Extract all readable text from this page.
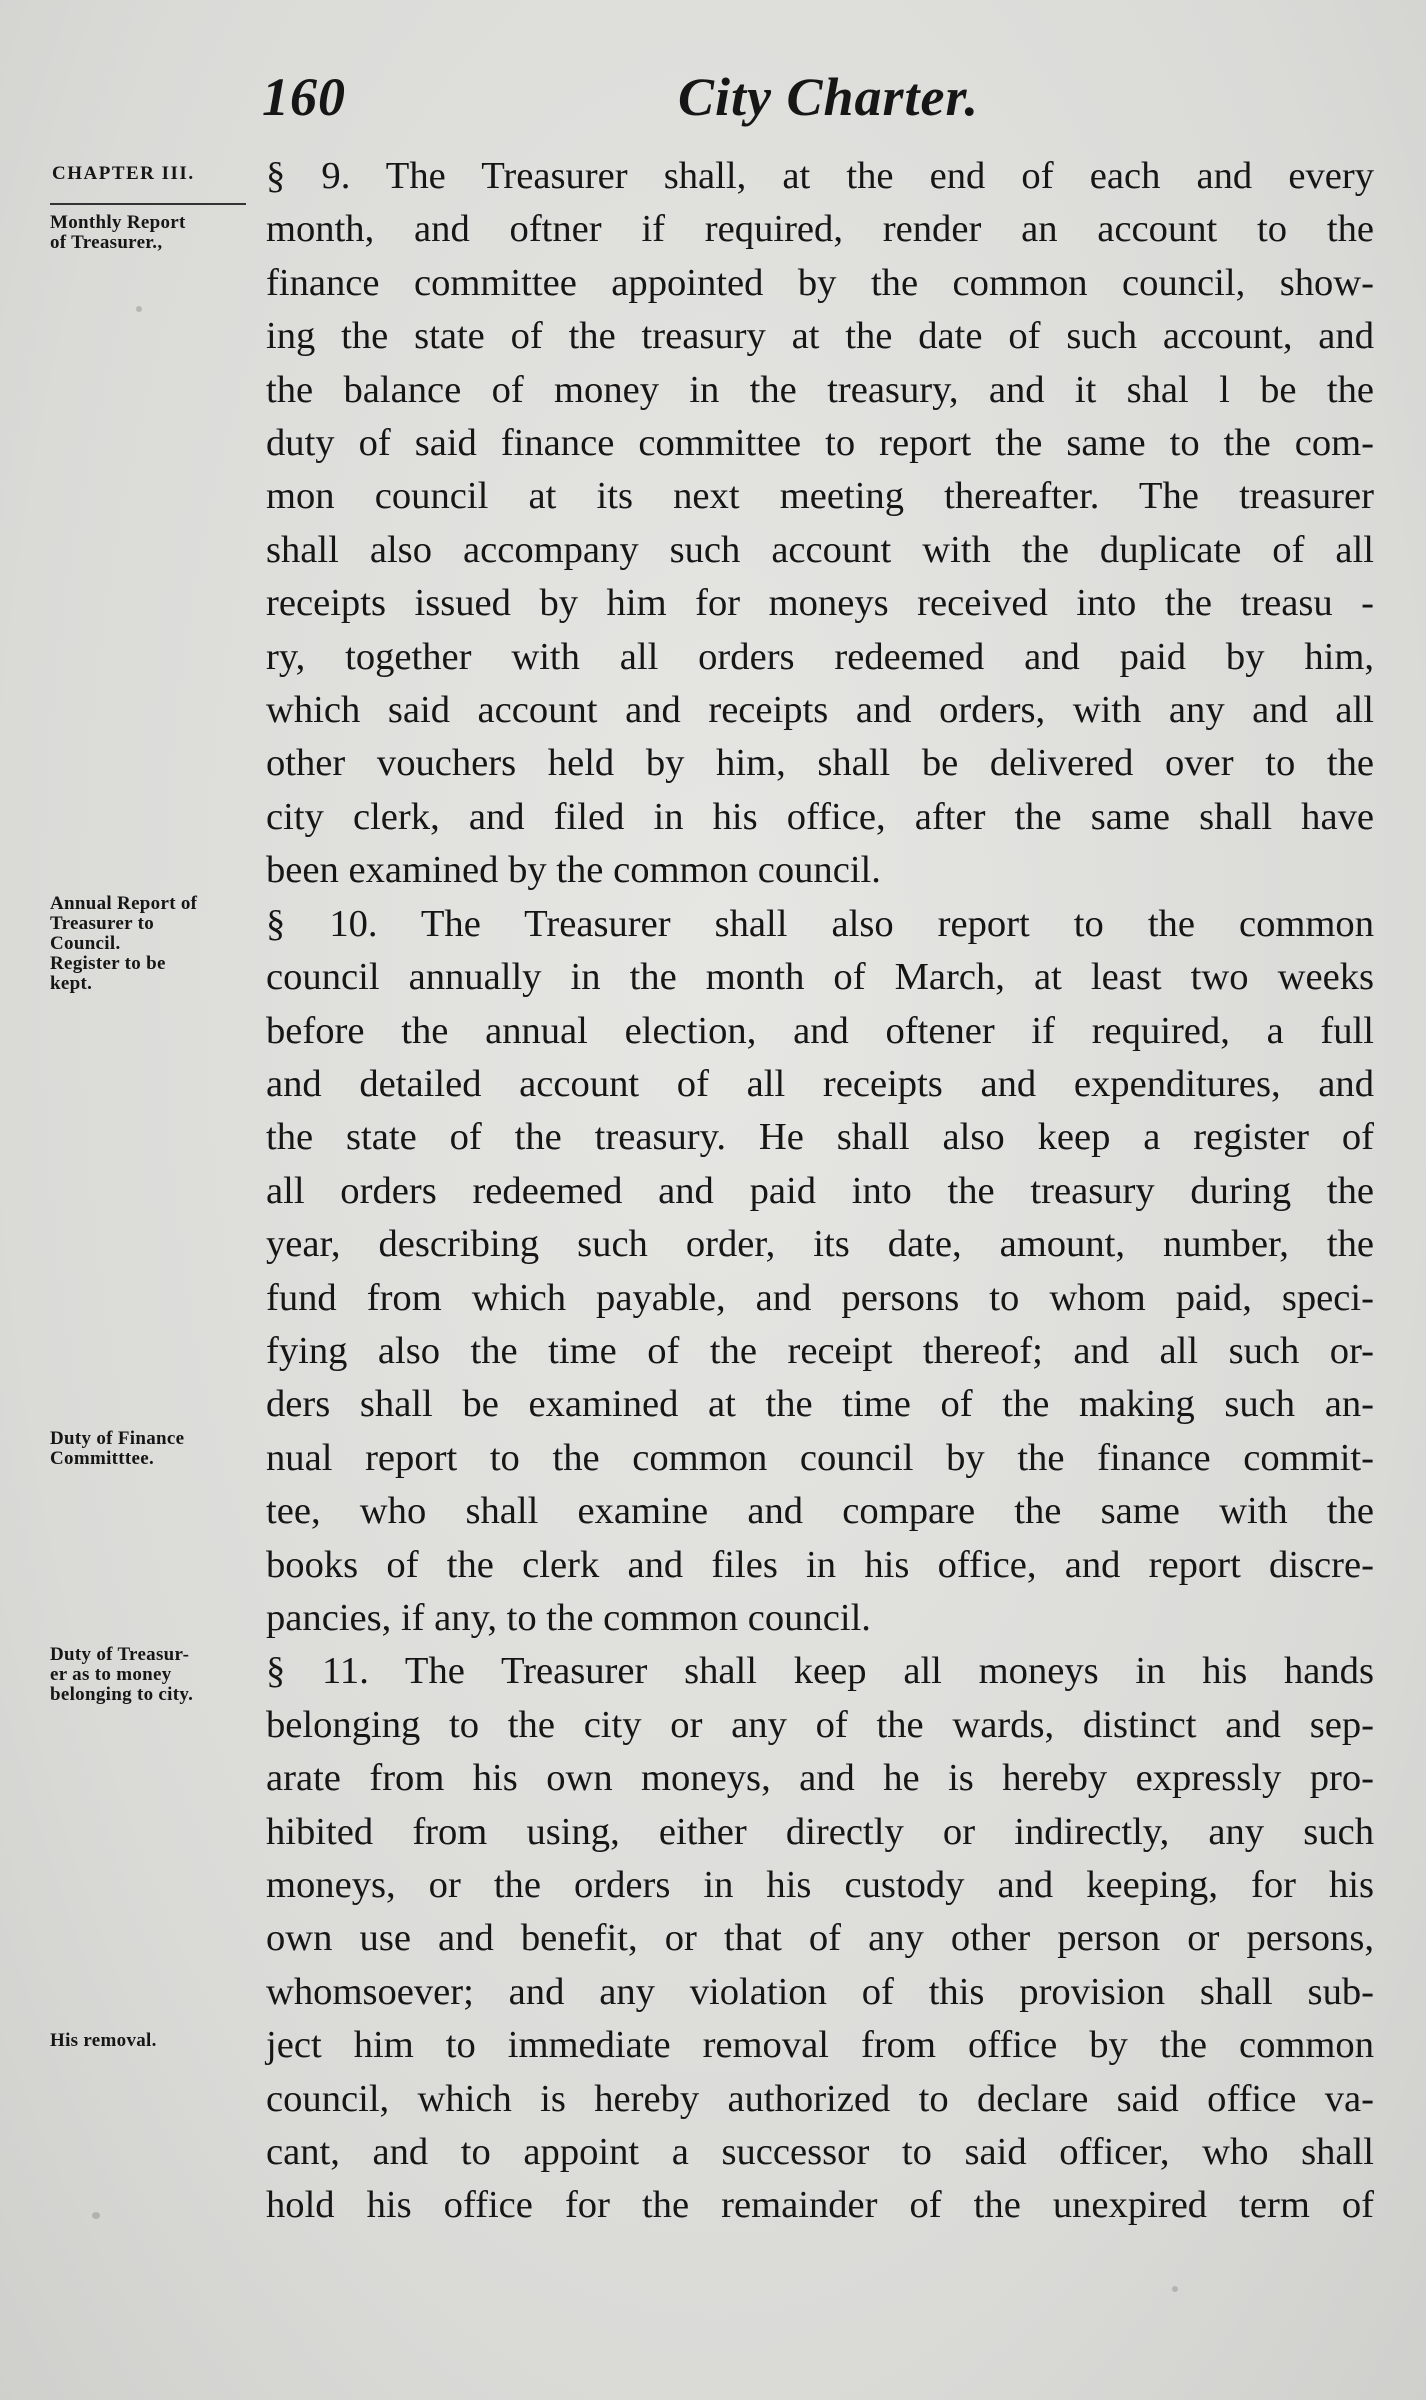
160	City Charter.
CHAPTER III.
Monthly Report
of Treasurer.,
Annual Report of
Treasurer to
Council.
Register to be
kept.
Duty of Finance
Committtee.
Duty of Treasur-
er as to money
belonging to city.
His removal.
§ 9. The Treasurer shall, at the end of each and every
month, and oftner if required, render an account to the
finance committee appointed by the common council, show-
ing the state of the treasury at the date of such account, and
the balance of money in the treasury, and it shal l be the
duty of said finance committee to report the same to the com-
mon council at its next meeting thereafter. The treasurer
shall also accompany such account with the duplicate of all
receipts issued by him for moneys received into the treasu -
ry, together with all orders redeemed and paid by him,
which said account and receipts and orders, with any and all
other vouchers held by him, shall be delivered over to the
city clerk, and filed in his office, after the same shall have
been examined by the common council.
§ 10. The Treasurer shall also report to the common
council annually in the month of March, at least two weeks
before the annual election, and oftener if required, a full
and detailed account of all receipts and expenditures, and
the state of the treasury. He shall also keep a register of
all orders redeemed and paid into the treasury during the
year, describing such order, its date, amount, number, the
fund from which payable, and persons to whom paid, speci-
fying also the time of the receipt thereof; and all such or-
ders shall be examined at the time of the making such an-
nual report to the common council by the finance commit-
tee, who shall examine and compare the same with the
books of the clerk and files in his office, and report discre-
pancies, if any, to the common council.
§ 11. The Treasurer shall keep all moneys in his hands
belonging to the city or any of the wards, distinct and sep-
arate from his own moneys, and he is hereby expressly pro-
hibited from using, either directly or indirectly, any such
moneys, or the orders in his custody and keeping, for his
own use and benefit, or that of any other person or persons,
whomsoever; and any violation of this provision shall sub-
ject him to immediate removal from office by the common
council, which is hereby authorized to declare said office va-
cant, and to appoint a successor to said officer, who shall
hold his office for the remainder of the unexpired term of
